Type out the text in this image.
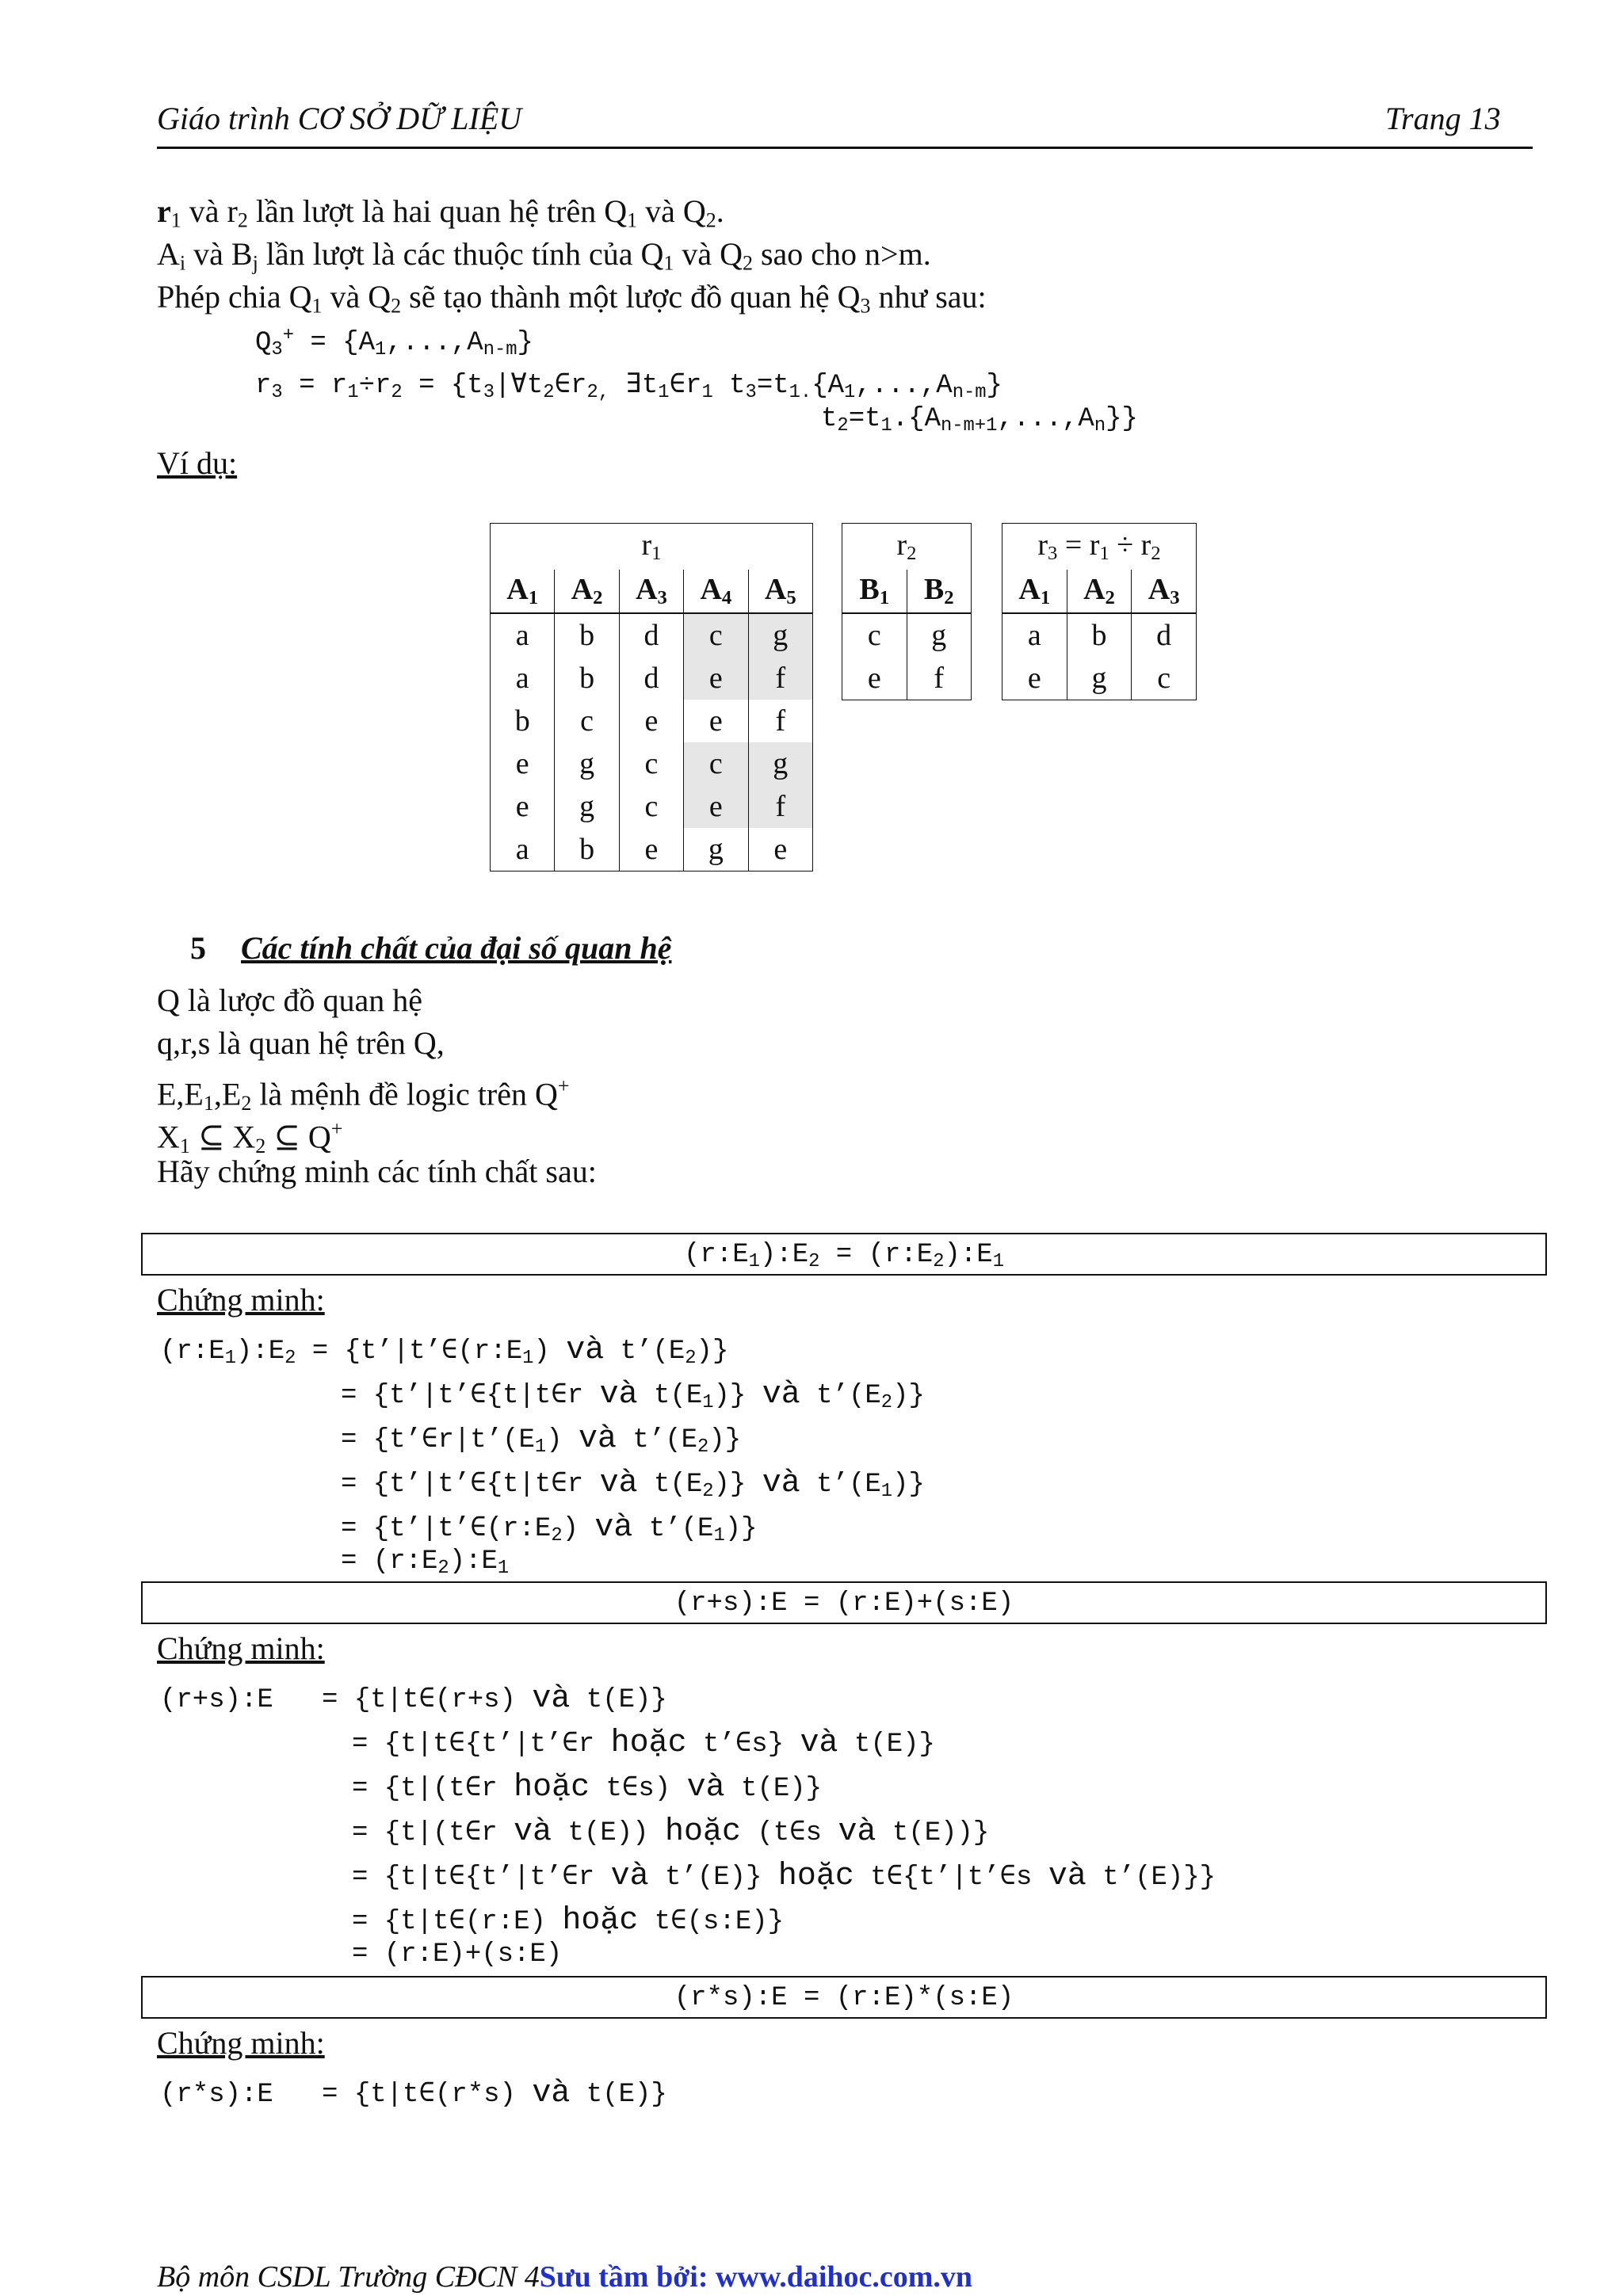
Giáo trình CƠ SỞ DỮ LIỆU	Trang 13
$r_1$ và $r_2$ lần lượt là hai quan hệ trên $Q_1$ và $Q_2$.
$A_i$ và $B_j$ lần lượt là các thuộc tính của $Q_1$ và $Q_2$ sao cho n>m.
Phép chia $Q_1$ và $Q_2$ sẽ tạo thành một lược đồ quan hệ $Q_3$ như sau:
Q3+ = {A1,...,An-m}
r3 = r1÷r2 = {t3|∀t2∈r2, ∃t1∈r1 t3=t1.{A1,...,An-m}
t2=t1.{An-m+1,...,An}}
Ví dụ:
$r_1$
$A_1$	$A_2$	$A_3$	$A_4$	$A_5$
a	b	d	c	g
a	b	d	e	f
b	c	e	e	f
e	g	c	c	g
e	g	c	e	f
a	b	e	g	e
$r_2$
$B_1$	$B_2$
c	g
e	f
$r_3 = r_1 \div r_2$
$A_1$	$A_2$	$A_3$
a	b	d
e	g	c
5 Các tính chất của đại số quan hệ
Q là lược đồ quan hệ
q,r,s là quan hệ trên Q,
$E,E_1,E_2$ là mệnh đề logic trên Q+
$X_1$ ⊆ $X_2$ ⊆ Q+
Hãy chứng minh các tính chất sau:
(r:E1):E2 = (r:E2):E1
Chứng minh:
(r:E1):E2 = {t’|t’∈(r:E1) và t’(E2)}
= {t’|t’∈{t|t∈r và t(E1)} và t’(E2)}
= {t’∈r|t’(E1) và t’(E2)}
= {t’|t’∈{t|t∈r và t(E2)} và t’(E1)}
= {t’|t’∈(r:E2) và t’(E1)}
= (r:E2):E1
(r+s):E = (r:E)+(s:E)
Chứng minh:
(r+s):E   = {t|t∈(r+s) và t(E)}
= {t|t∈{t’|t’∈r hoặc t’∈s} và t(E)}
= {t|(t∈r hoặc t∈s) và t(E)}
= {t|(t∈r và t(E)) hoặc (t∈s và t(E))}
= {t|t∈{t’|t’∈r và t’(E)} hoặc t∈{t’|t’∈s và t’(E)}}
= {t|t∈(r:E) hoặc t∈(s:E)}
= (r:E)+(s:E)
(r*s):E = (r:E)*(s:E)
Chứng minh:
(r*s):E   = {t|t∈(r*s) và t(E)}
Bộ môn CSDL Trường CĐCN 4Sưu tầm bởi: www.daihoc.com.vn
